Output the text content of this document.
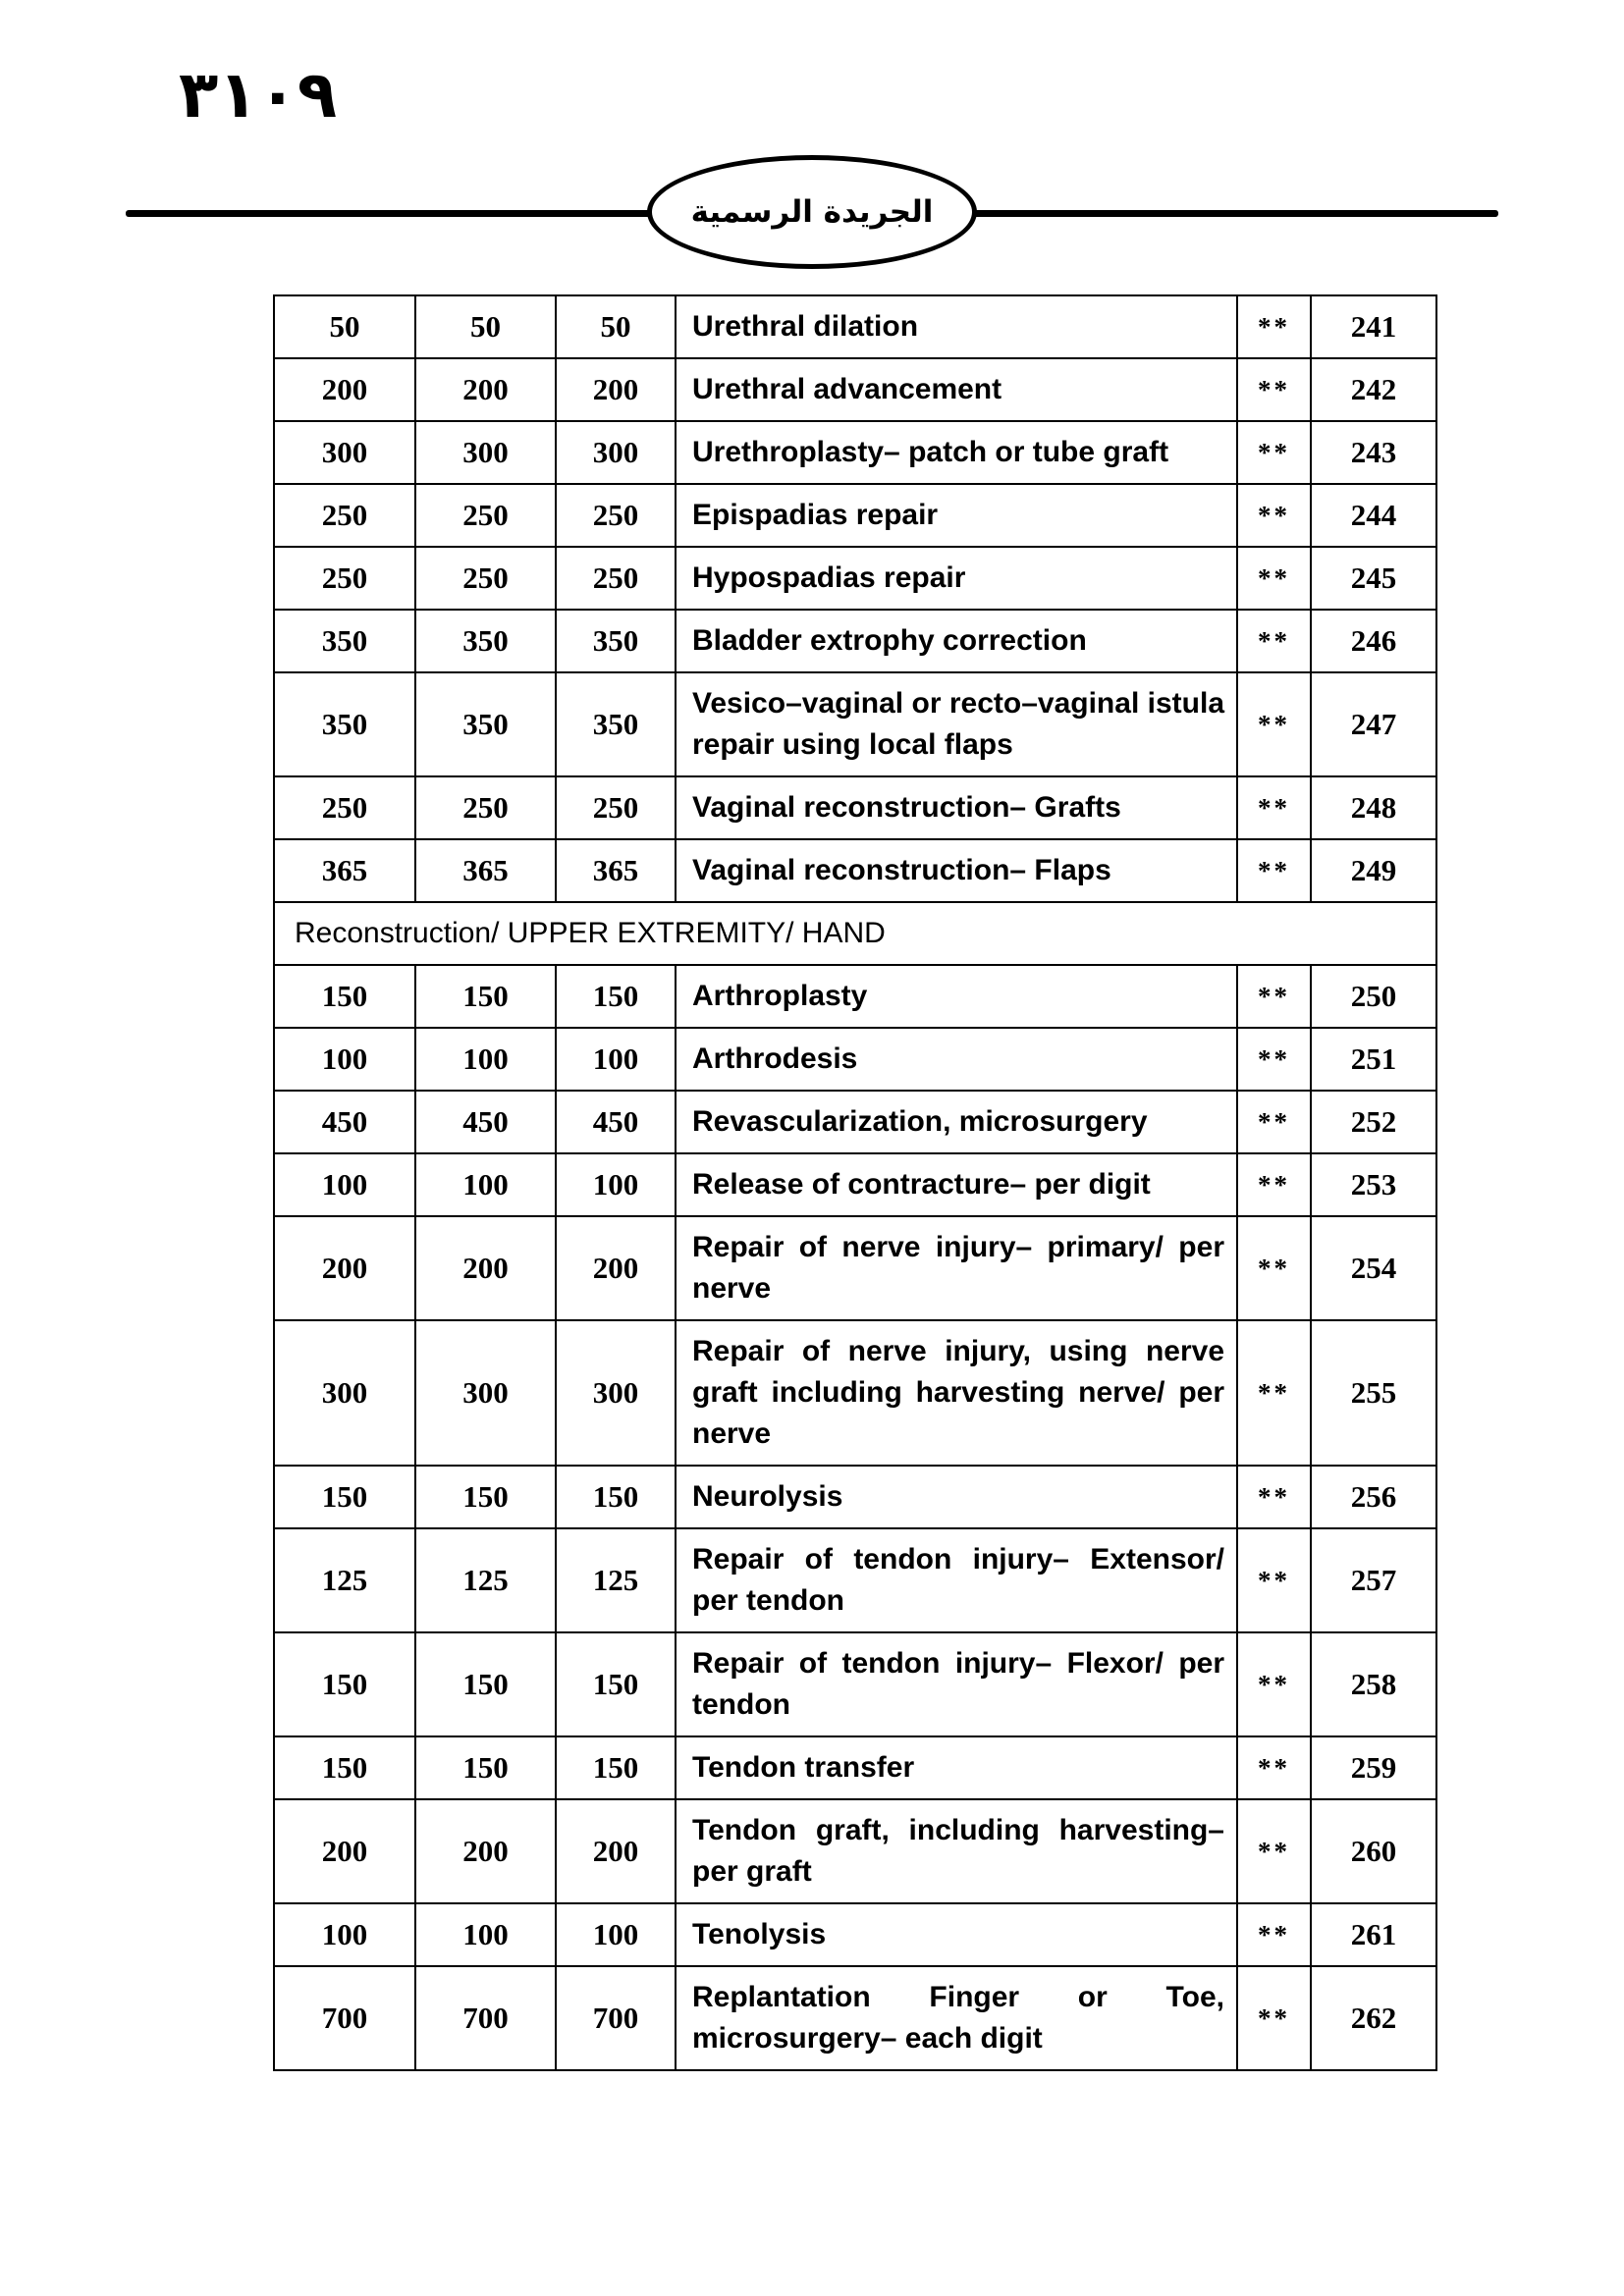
٣١٠٩
الجريدة الرسمية
50	50	50	Urethral dilation	**	241
200	200	200	Urethral advancement	**	242
300	300	300	Urethroplasty– patch or tube graft	**	243
250	250	250	Epispadias repair	**	244
250	250	250	Hypospadias repair	**	245
350	350	350	Bladder extrophy correction	**	246
350	350	350	Vesico–vaginal or recto–vaginal istula repair using local flaps	**	247
250	250	250	Vaginal reconstruction– Grafts	**	248
365	365	365	Vaginal reconstruction– Flaps	**	249
Reconstruction/ UPPER EXTREMITY/ HAND					
150	150	150	Arthroplasty	**	250
100	100	100	Arthrodesis	**	251
450	450	450	Revascularization, microsurgery	**	252
100	100	100	Release of contracture– per digit	**	253
200	200	200	Repair of nerve injury– primary/ per nerve	**	254
300	300	300	Repair of nerve injury, using nerve graft including harvesting nerve/ per nerve	**	255
150	150	150	Neurolysis	**	256
125	125	125	Repair of tendon injury– Extensor/ per tendon	**	257
150	150	150	Repair of tendon injury– Flexor/ per tendon	**	258
150	150	150	Tendon transfer	**	259
200	200	200	Tendon graft, including harvesting– per graft	**	260
100	100	100	Tenolysis	**	261
700	700	700	Replantation Finger or Toe, microsurgery– each digit	**	262
